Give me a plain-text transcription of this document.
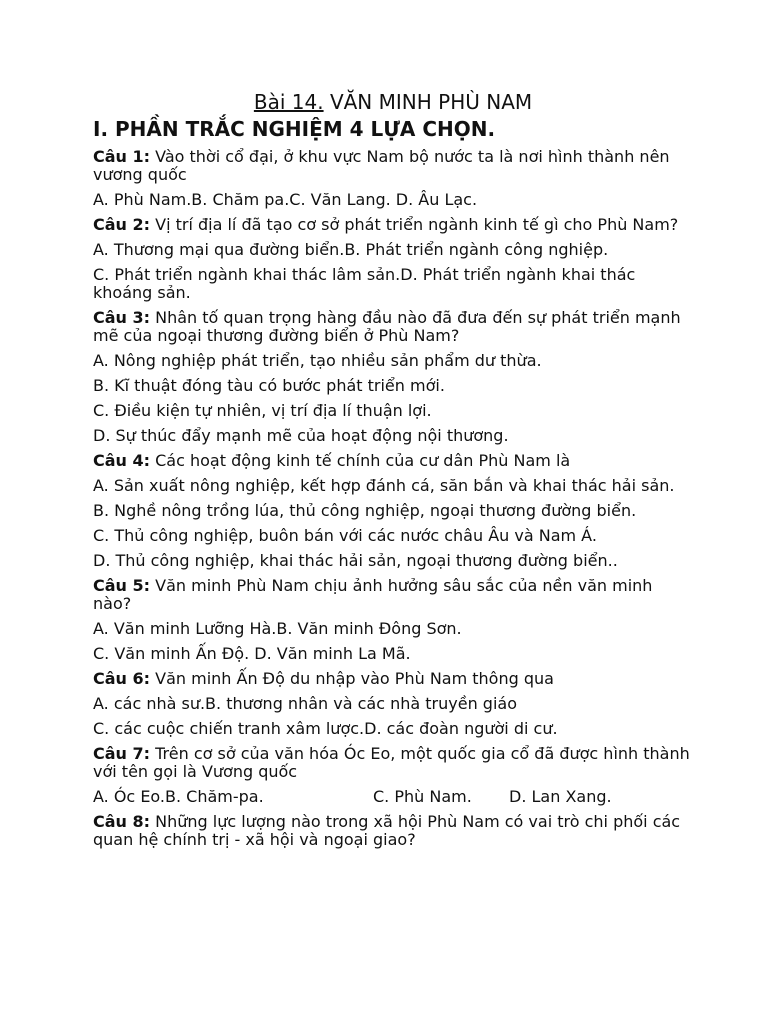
Bài 14. VĂN MINH PHÙ NAM

I. PHẦN TRẮC NGHIỆM 4 LỰA CHỌN.

Câu 1: Vào thời cổ đại, ở khu vực Nam bộ nước ta là nơi hình thành nên vương quốc

A. Phù Nam.B. Chăm pa.C. Văn Lang. D. Âu Lạc.

Câu 2: Vị trí địa lí đã tạo cơ sở phát triển ngành kinh tế gì cho Phù Nam?

A. Thương mại qua đường biển.B. Phát triển ngành công nghiệp.

C. Phát triển ngành khai thác lâm sản.D. Phát triển ngành khai thác khoáng sản.

Câu 3: Nhân tố quan trọng hàng đầu nào đã đưa đến sự phát triển mạnh mẽ của ngoại thương đường biển ở Phù Nam?

A. Nông nghiệp phát triển, tạo nhiều sản phẩm dư thừa.

B. Kĩ thuật đóng tàu có bước phát triển mới.

C. Điều kiện tự nhiên, vị trí địa lí thuận lợi.

D. Sự thúc đẩy mạnh mẽ của hoạt động nội thương.

Câu 4: Các hoạt động kinh tế chính của cư dân Phù Nam là

A. Sản xuất nông nghiệp, kết hợp đánh cá, săn bắn và khai thác hải sản.

B. Nghề nông trồng lúa, thủ công nghiệp, ngoại thương đường biển.

C. Thủ công nghiệp, buôn bán với các nước châu Âu và Nam Á.

D. Thủ công nghiệp, khai thác hải sản, ngoại thương đường biển..

Câu 5: Văn minh Phù Nam chịu ảnh hưởng sâu sắc của nền văn minh nào?

A. Văn minh Lưỡng Hà.B. Văn minh Đông Sơn.

C. Văn minh Ấn Độ. D. Văn minh La Mã.

Câu 6: Văn minh Ấn Độ du nhập vào Phù Nam thông qua

A. các nhà sư.B. thương nhân và các nhà truyền giáo

C. các cuộc chiến tranh xâm lược.D. các đoàn người di cư.

Câu 7: Trên cơ sở của văn hóa Óc Eo, một quốc gia cổ đã được hình thành với tên gọi là Vương quốc

A. Óc Eo.B. Chăm-pa.	C. Phù Nam. D. Lan Xang.

Câu 8: Những lực lượng nào trong xã hội Phù Nam có vai trò chi phối các quan hệ chính trị - xã hội và ngoại giao?
